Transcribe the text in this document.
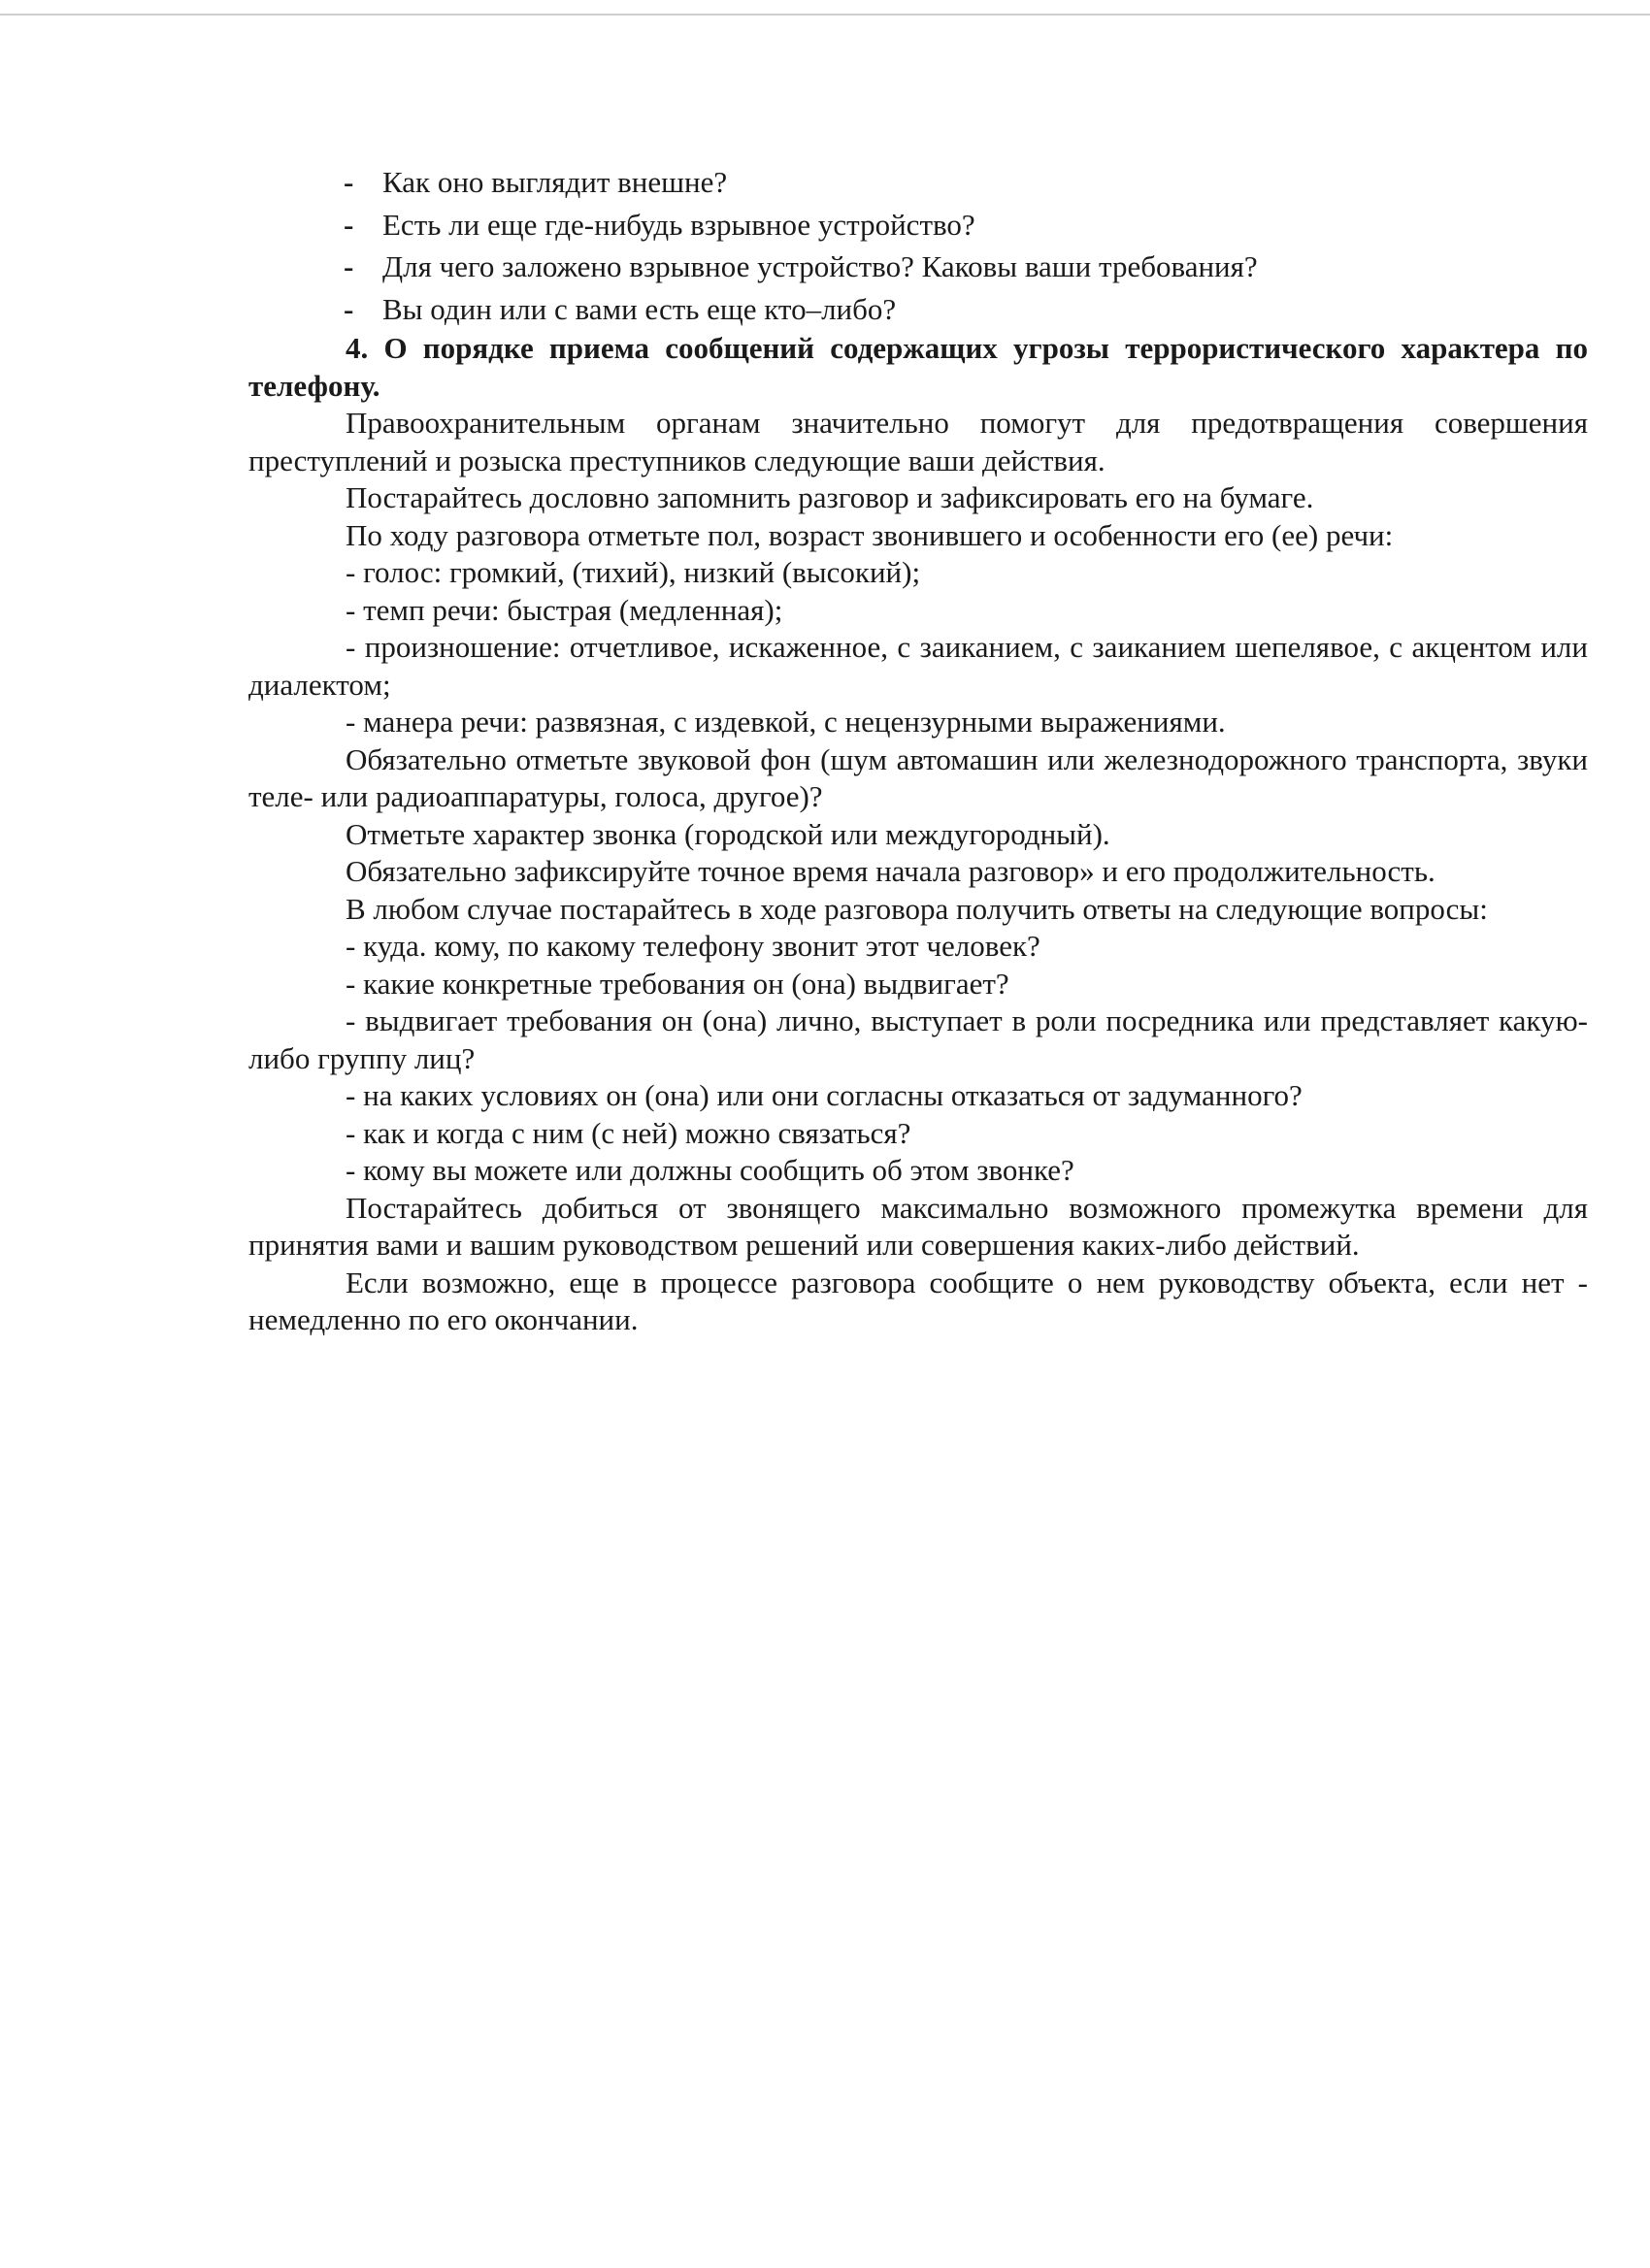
- Как оно выглядит внешне?
- Есть ли еще где-нибудь взрывное устройство?
- Для чего заложено взрывное устройство? Каковы ваши требования?
- Вы один или с вами есть еще кто–либо?

4. О порядке приема сообщений содержащих угрозы террористического характера по телефону.

Правоохранительным органам значительно помогут для предотвращения совершения преступлений и розыска преступников следующие ваши действия.

Постарайтесь дословно запомнить разговор и зафиксировать его на бумаге.

По ходу разговора отметьте пол, возраст звонившего и особенности его (ее) речи:

- голос: громкий, (тихий), низкий (высокий);

- темп речи: быстрая (медленная);

- произношение: отчетливое, искаженное, с заиканием, с заиканием шепелявое, с акцентом или диалектом;

- манера речи: развязная, с издевкой, с нецензурными выражениями.

Обязательно отметьте звуковой фон (шум автомашин или железнодорожного транспорта, звуки теле- или радиоаппаратуры, голоса, другое)?

Отметьте характер звонка (городской или междугородный).

Обязательно зафиксируйте точное время начала разговор» и его продолжительность.

В любом случае постарайтесь в ходе разговора получить ответы на следующие вопросы:

- куда. кому, по какому телефону звонит этот человек?

- какие конкретные требования он (она) выдвигает?

- выдвигает требования он (она) лично, выступает в роли посредника или представляет какую-либо группу лиц?

- на каких условиях он (она) или они согласны отказаться от задуманного?

- как и когда с ним (с ней) можно связаться?

- кому вы можете или должны сообщить об этом звонке?

Постарайтесь добиться от звонящего максимально возможного промежутка времени для принятия вами и вашим руководством решений или совершения каких-либо действий.

Если возможно, еще в процессе разговора сообщите о нем руководству объекта, если нет - немедленно по его окончании.
